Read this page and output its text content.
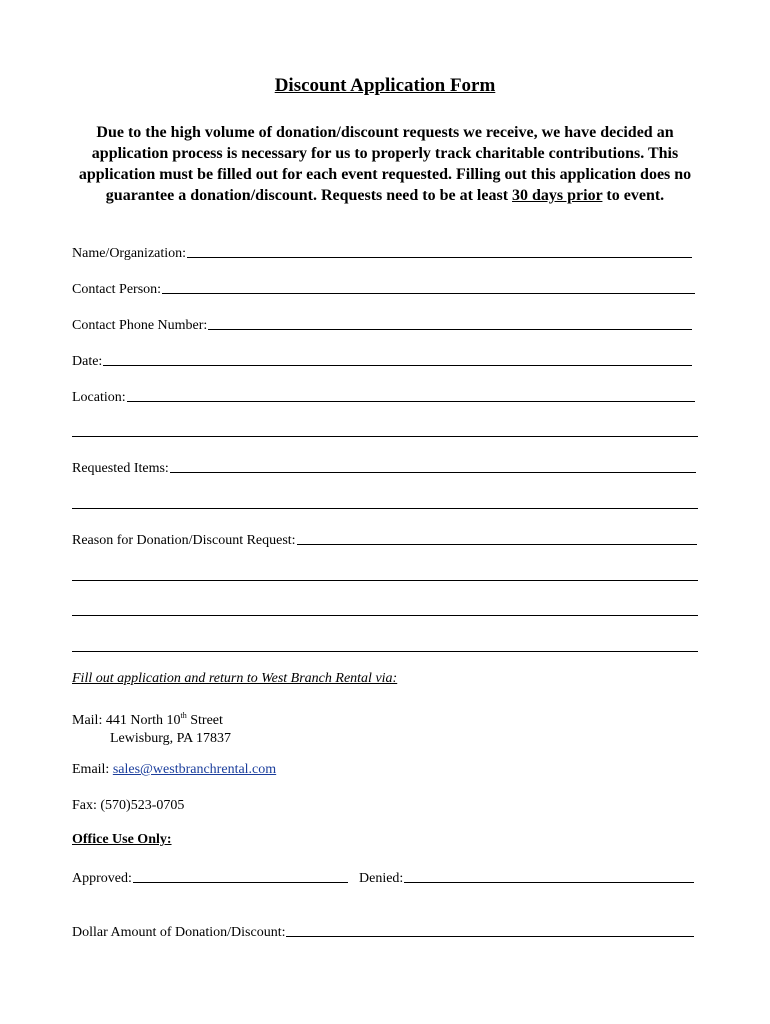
Discount Application Form
Due to the high volume of donation/discount requests we receive, we have decided an application process is necessary for us to properly track charitable contributions. This application must be filled out for each event requested. Filling out this application does no guarantee a donation/discount. Requests need to be at least 30 days prior to event.
Name/Organization:
Contact Person:
Contact Phone Number:
Date:
Location:
Requested Items:
Reason for Donation/Discount Request:
Fill out application and return to West Branch Rental via:
Mail: 441 North 10th Street
Lewisburg, PA 17837
Email: sales@westbranchrental.com
Fax: (570)523-0705
Office Use Only:
Approved:	Denied:
Dollar Amount of Donation/Discount:
